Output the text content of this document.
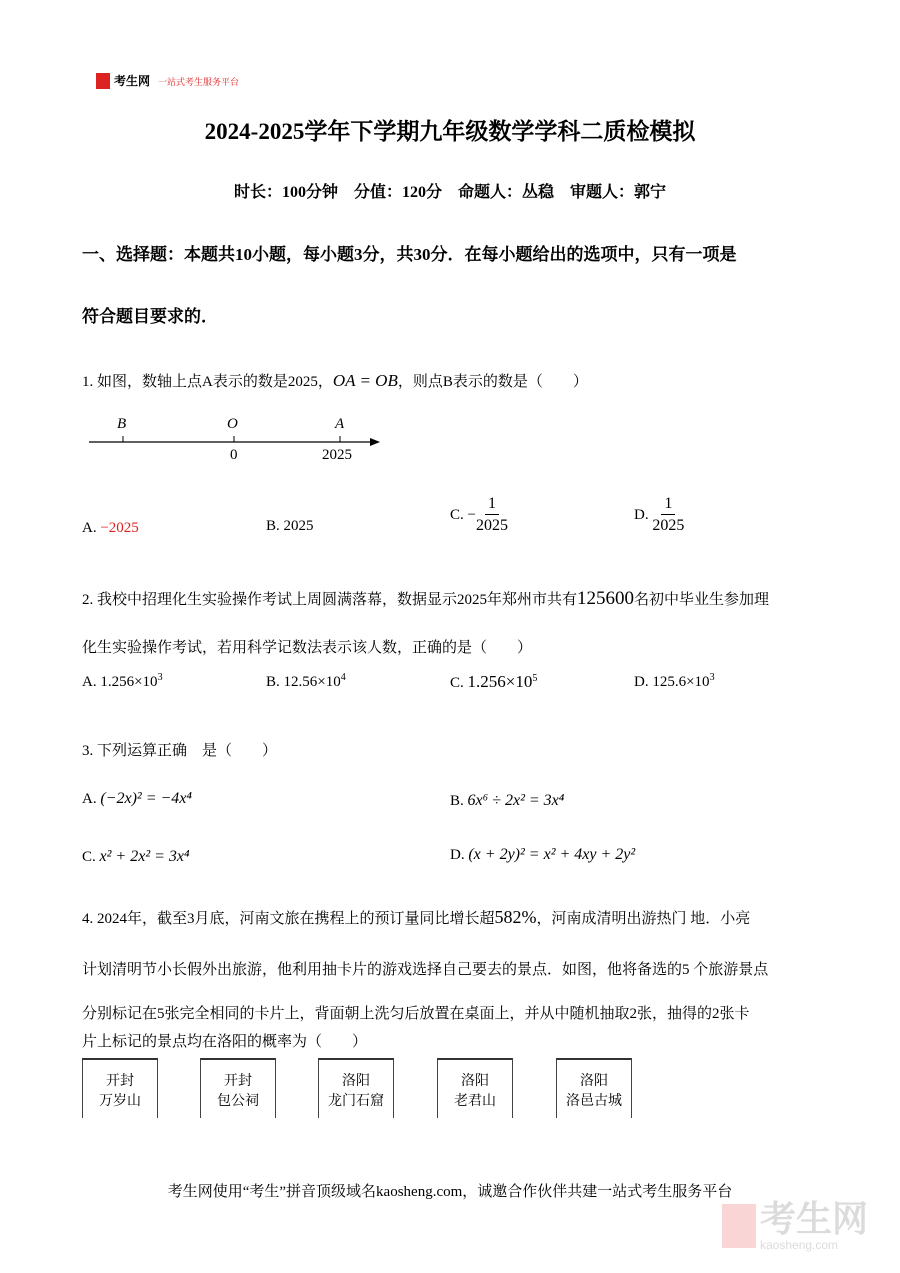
考生网 一站式考生服务平台
2024-2025学年下学期九年级数学学科二质检模拟
时长：100分钟　分值：120分　命题人：丛稳　审题人：郭宁
一、选择题：本题共10小题，每小题3分，共30分．在每小题给出的选项中，只有一项是
符合题目要求的．
1. 如图，数轴上点A表示的数是2025，OA = OB，则点B表示的数是（　　）
B	O	A
0	2025
A. −2025	B. 2025
C. − $\frac{1}{2025}$	D. $\frac{1}{2025}$
2. 我校中招理化生实验操作考试上周圆满落幕，数据显示2025年郑州市共有125600名初中毕业生参加理
化生实验操作考试，若用科学记数法表示该人数，正确的是（　　）
A. $1.256\times 10^3$	B. $12.56\times 10^4$	C. $1.256\times 10^5$	D. $125.6\times 10^3$
3. 下列运算正确　是（　　）
A. (−2x)² = −4x⁴	B. 6x⁶ ÷ 2x² = 3x⁴
C. x² + 2x² = 3x⁴	D. (x + 2y)² = x² + 4xy + 2y²
4. 2024年，截至3月底，河南文旅在携程上的预订量同比增长超582%，河南成清明出游热门 地．小亮
计划清明节小长假外出旅游，他利用抽卡片的游戏选择自己要去的景点．如图，他将备选的5 个旅游景点
分别标记在5张完全相同的卡片上，背面朝上洗匀后放置在桌面上，并从中随机抽取2张，抽得的2张卡
片上标记的景点均在洛阳的概率为（　　）
开封
万岁山
开封
包公祠
洛阳
龙门石窟
洛阳
老君山
洛阳
洛邑古城
考生网使用“考生”拼音顶级域名kaosheng.com，诚邀合作伙伴共建一站式考生服务平台

考生网
kaosheng.com
